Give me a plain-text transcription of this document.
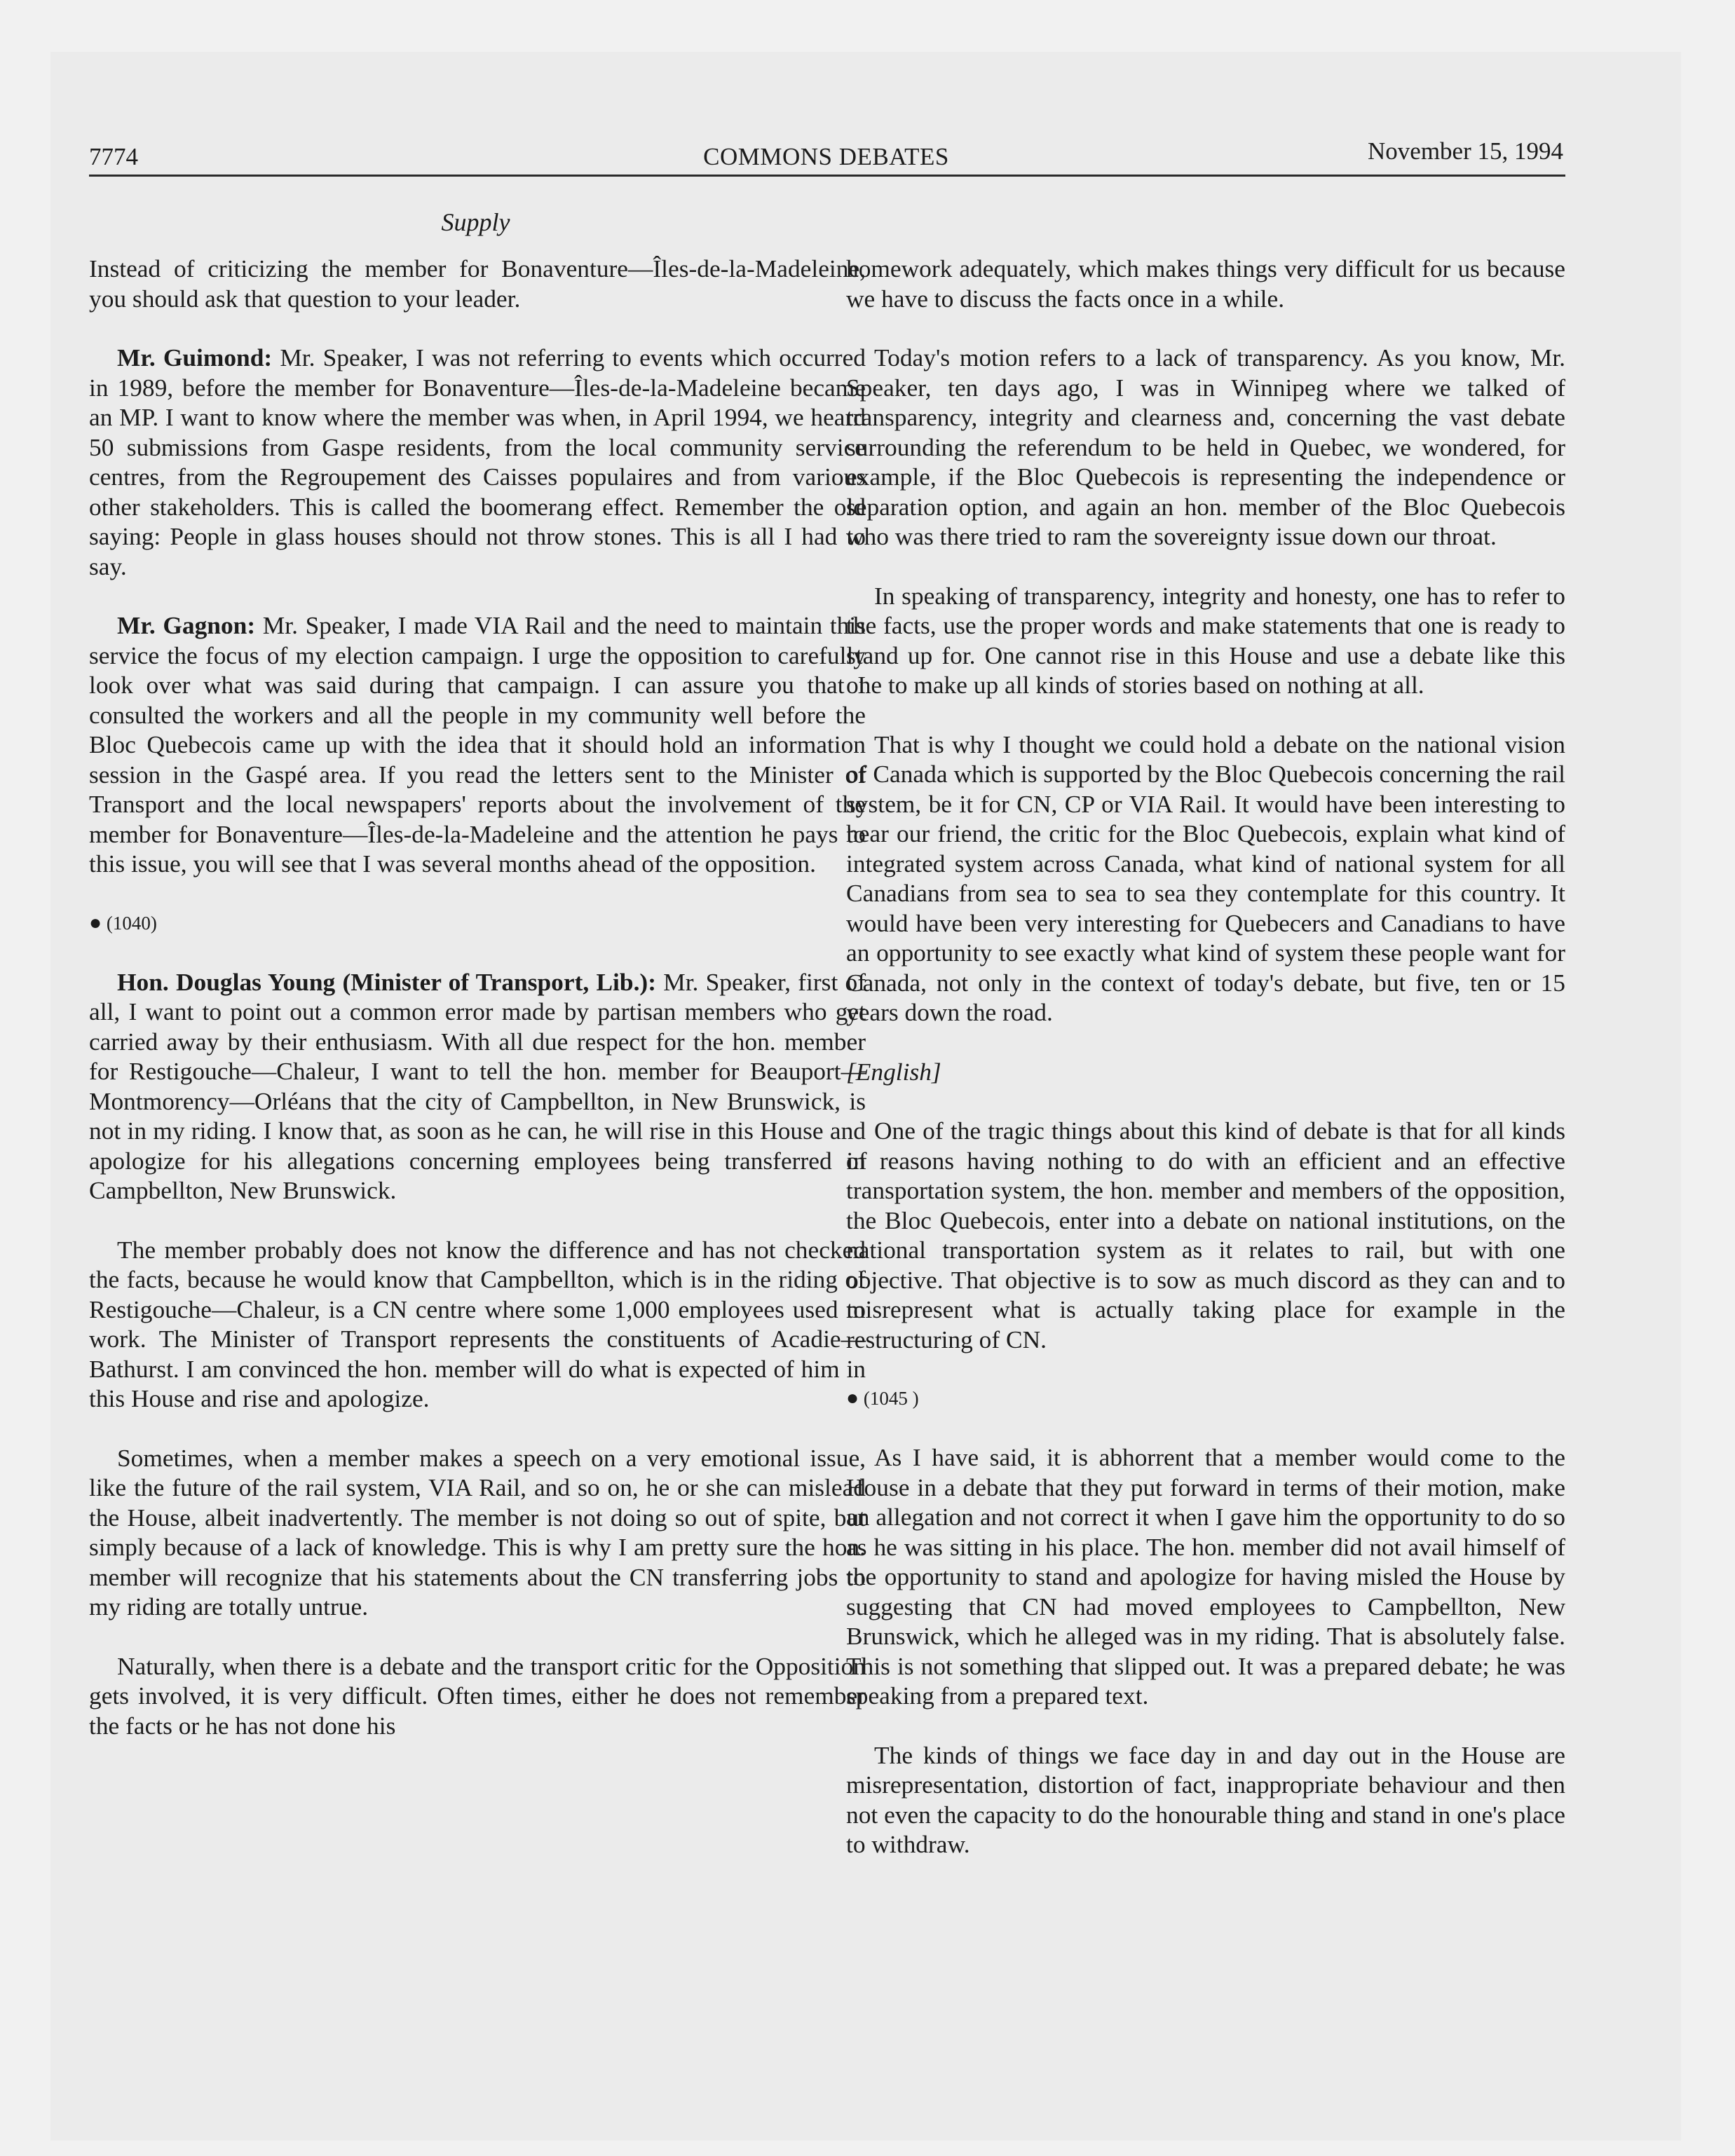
7774	COMMONS DEBATES	November 15, 1994
Supply

Instead of criticizing the member for Bonaventure—Îles-de-la-Madeleine, you should ask that question to your leader.

Mr. Guimond: Mr. Speaker, I was not referring to events which occurred in 1989, before the member for Bonaventure—Îles-de-la-Madeleine became an MP. I want to know where the member was when, in April 1994, we heard 50 submissions from Gaspe residents, from the local community service centres, from the Regroupement des Caisses populaires and from various other stakeholders. This is called the boomerang effect. Remember the old saying: People in glass houses should not throw stones. This is all I had to say.

Mr. Gagnon: Mr. Speaker, I made VIA Rail and the need to maintain this service the focus of my election campaign. I urge the opposition to carefully look over what was said during that campaign. I can assure you that I consulted the workers and all the people in my community well before the Bloc Quebecois came up with the idea that it should hold an information session in the Gaspé area. If you read the letters sent to the Minister of Transport and the local newspapers' reports about the involvement of the member for Bonaventure—Îles-de-la-Madeleine and the attention he pays to this issue, you will see that I was several months ahead of the opposition.

● (1040)

Hon. Douglas Young (Minister of Transport, Lib.): Mr. Speaker, first of all, I want to point out a common error made by partisan members who get carried away by their enthusiasm. With all due respect for the hon. member for Restigouche—Chaleur, I want to tell the hon. member for Beauport—Montmorency—Orléans that the city of Campbellton, in New Brunswick, is not in my riding. I know that, as soon as he can, he will rise in this House and apologize for his allegations concerning employees being transferred in Campbellton, New Brunswick.

The member probably does not know the difference and has not checked the facts, because he would know that Campbellton, which is in the riding of Restigouche—Chaleur, is a CN centre where some 1,000 employees used to work. The Minister of Transport represents the constituents of Acadie—Bathurst. I am convinced the hon. member will do what is expected of him in this House and rise and apologize.

Sometimes, when a member makes a speech on a very emotional issue, like the future of the rail system, VIA Rail, and so on, he or she can mislead the House, albeit inadvertently. The member is not doing so out of spite, but simply because of a lack of knowledge. This is why I am pretty sure the hon. member will recognize that his statements about the CN transferring jobs to my riding are totally untrue.

Naturally, when there is a debate and the transport critic for the Opposition gets involved, it is very difficult. Often times, either he does not remember the facts or he has not done his

homework adequately, which makes things very difficult for us because we have to discuss the facts once in a while.

Today's motion refers to a lack of transparency. As you know, Mr. Speaker, ten days ago, I was in Winnipeg where we talked of transparency, integrity and clearness and, concerning the vast debate surrounding the referendum to be held in Quebec, we wondered, for example, if the Bloc Quebecois is representing the independence or separation option, and again an hon. member of the Bloc Quebecois who was there tried to ram the sovereignty issue down our throat.

In speaking of transparency, integrity and honesty, one has to refer to the facts, use the proper words and make statements that one is ready to stand up for. One cannot rise in this House and use a debate like this one to make up all kinds of stories based on nothing at all.

That is why I thought we could hold a debate on the national vision of Canada which is supported by the Bloc Quebecois concerning the rail system, be it for CN, CP or VIA Rail. It would have been interesting to hear our friend, the critic for the Bloc Quebecois, explain what kind of integrated system across Canada, what kind of national system for all Canadians from sea to sea to sea they contemplate for this country. It would have been very interesting for Quebecers and Canadians to have an opportunity to see exactly what kind of system these people want for Canada, not only in the context of today's debate, but five, ten or 15 years down the road.

[English]

One of the tragic things about this kind of debate is that for all kinds of reasons having nothing to do with an efficient and an effective transportation system, the hon. member and members of the opposition, the Bloc Quebecois, enter into a debate on national institutions, on the national transportation system as it relates to rail, but with one objective. That objective is to sow as much discord as they can and to misrepresent what is actually taking place for example in the restructuring of CN.

● (1045 )

As I have said, it is abhorrent that a member would come to the House in a debate that they put forward in terms of their motion, make an allegation and not correct it when I gave him the opportunity to do so as he was sitting in his place. The hon. member did not avail himself of the opportunity to stand and apologize for having misled the House by suggesting that CN had moved employees to Campbellton, New Brunswick, which he alleged was in my riding. That is absolutely false. This is not something that slipped out. It was a prepared debate; he was speaking from a prepared text.

The kinds of things we face day in and day out in the House are misrepresentation, distortion of fact, inappropriate behaviour and then not even the capacity to do the honourable thing and stand in one's place to withdraw.
